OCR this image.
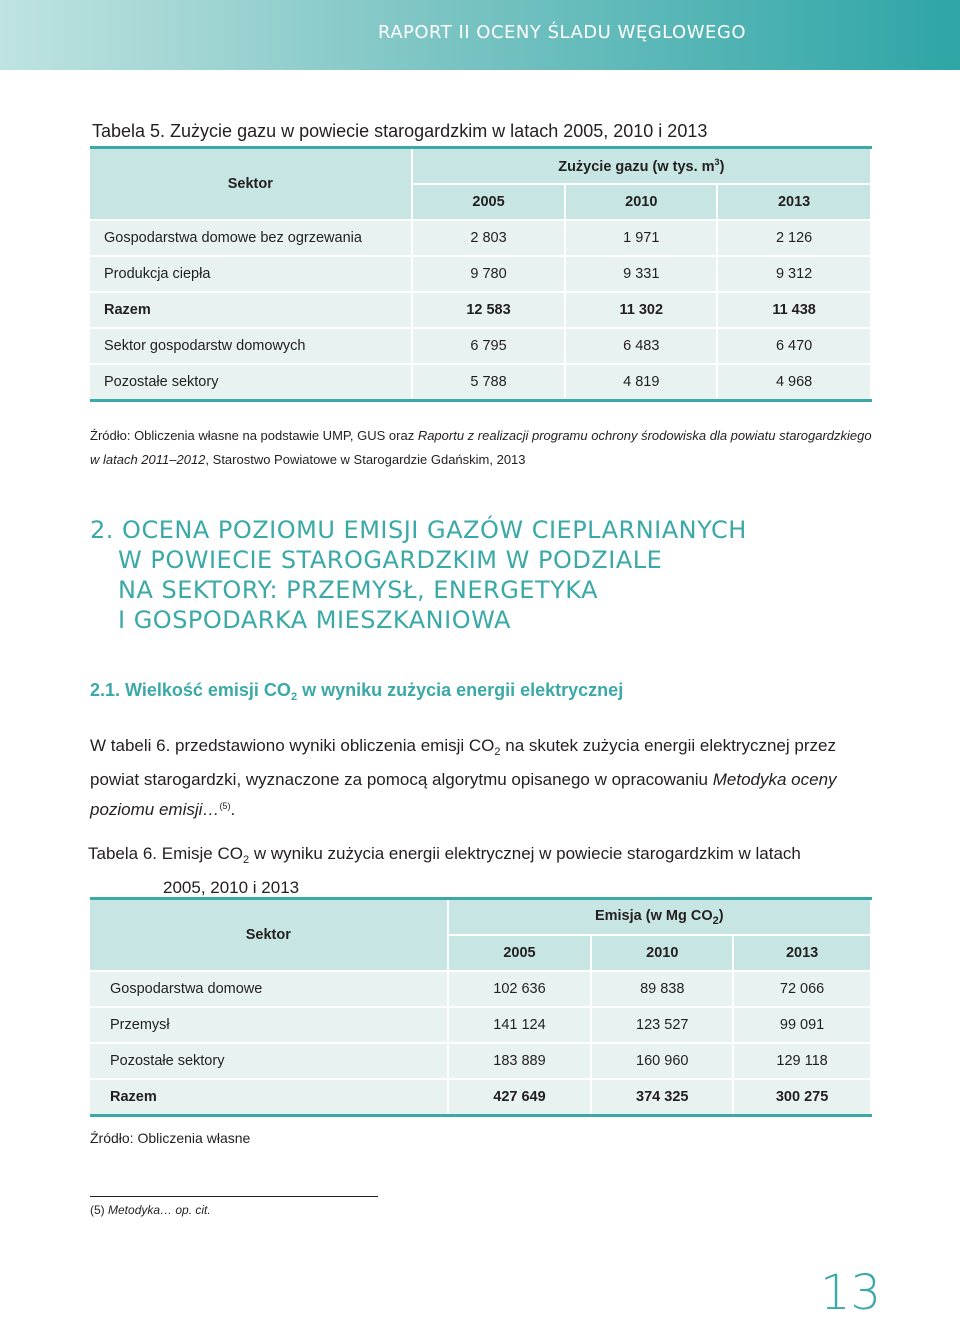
RAPORT II OCENY ŚLADU WĘGLOWEGO
Tabela 5. Zużycie gazu w powiecie starogardzkim w latach 2005, 2010 i 2013
Sektor	Zużycie gazu (w tys. $m^3$)		
	2005	2010	2013
Gospodarstwa domowe bez ogrzewania	2 803	1 971	2 126
Produkcja ciepła	9 780	9 331	9 312
Razem	12 583	11 302	11 438
Sektor gospodarstw domowych	6 795	6 483	6 470
Pozostałe sektory	5 788	4 819	4 968
Źródło: Obliczenia własne na podstawie UMP, GUS oraz Raportu z realizacji programu ochrony środowiska dla powiatu starogardzkiego w latach 2011–2012, Starostwo Powiatowe w Starogardzie Gdańskim, 2013
2. OCENA POZIOMU EMISJI GAZÓW CIEPLARNIANYCH
W POWIECIE STAROGARDZKIM W PODZIALE
NA SEKTORY: PRZEMYSŁ, ENERGETYKA
I GOSPODARKA MIESZKANIOWA
2.1. Wielkość emisji $CO_2$ w wyniku zużycia energii elektrycznej
W tabeli 6. przedstawiono wyniki obliczenia emisji $CO_2$ na skutek zużycia energii elektrycznej przez powiat starogardzki, wyznaczone za pomocą algorytmu opisanego w opracowaniu Metodyka oceny poziomu emisji…$^{(5)}$.
Tabela 6. Emisje $CO_2$ w wyniku zużycia energii elektrycznej w powiecie starogardzkim w latach
2005, 2010 i 2013
Sektor	Emisja (w Mg $CO_2$)		
	2005	2010	2013
Gospodarstwa domowe	102 636	89 838	72 066
Przemysł	141 124	123 527	99 091
Pozostałe sektory	183 889	160 960	129 118
Razem	427 649	374 325	300 275
Źródło: Obliczenia własne
(5) Metodyka… op. cit.
13
